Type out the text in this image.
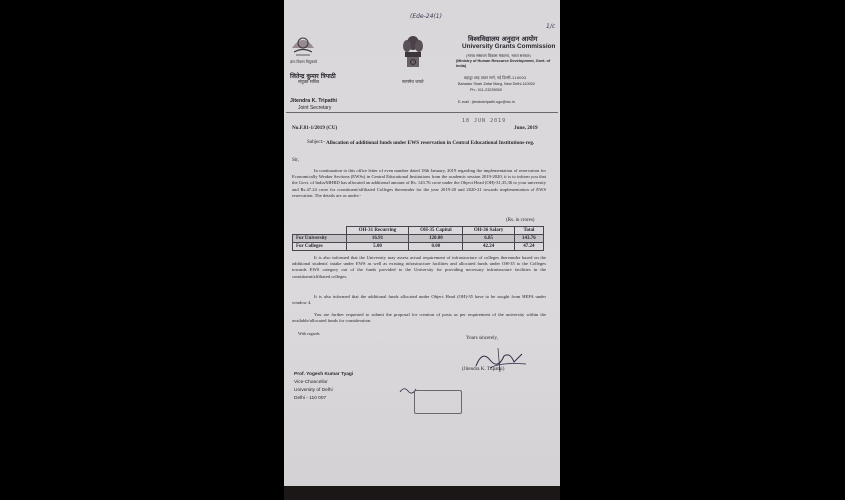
(Ede-24(1)
1/c
ज्ञान-विज्ञान विमुक्तये
जितेन्द्र कुमार त्रिपाठी
संयुक्त सचिव
Jitendra K. Tripathi
Joint Secretary
सत्यमेव जयते
विश्वविद्यालय अनुदान आयोग
University Grants Commission
(मानव संसाधन विकास मंत्रालय, भारत सरकार)
(Ministry of Human Resource Development, Govt. of India)
बहादुर शाह ज़फ़र मार्ग, नई दिल्ली-110002
Bahadur Shah Zafar Marg, New Delhi-110002
Ph.: 011-23239300
E-mail : jtendratripathi.ugc@nic.in
No.F.81-1/2019 (CU)
18 JUN 2019
June, 2019
Subject:- Allocation of additional funds under EWS reservation in Central Educational Institutions-reg.
Sir,
In continuation to this office letter of even number dated 18th January, 2019 regarding the implementation of reservation for Economically Weaker Sections (EWSs) in Central Educational Institutions from the academic session 2019-2020, it is to inform you that the Govt. of India/MHRD has allocated an additional amount of Rs. 143.76 crore under the Object Head (OH)-31,35,36 to your university and Rs.47.24 crore for constituent/affiliated Colleges thereunder for the year 2019-20 and 2020-21 towards implementation of EWS reservation. The details are as under:-
(Rs. in crores)
	OH-31 Recurring	OH-35 Capital	OH-36 Salary	Total
For University	16.91	120.00	6.85	143.76
For Colleges	5.00	0.00	42.24	47.24
It is also informed that the University may assess actual requirement of infrastructure of colleges thereunder based on the additional students' intake under EWS as well as existing infrastructure facilities and allocated funds under OH-35 to the Colleges towards EWS category out of the funds provided to the University for providing necessary infrastructure facilities in the constituent/affiliated colleges.
It is also informed that the additional funds allocated under Object Head (OH)-35 have to be sought from HEFA under window 4.
You are further requested to submit the proposal for creation of posts as per requirement of the university within the available/allocated funds for consideration.
With regards
Yours sincerely,
(Jitendra K. Tripathi)
Prof. Yogesh Kumar Tyagi
Vice-Chancellor
University of Delhi
Delhi - 110 007
